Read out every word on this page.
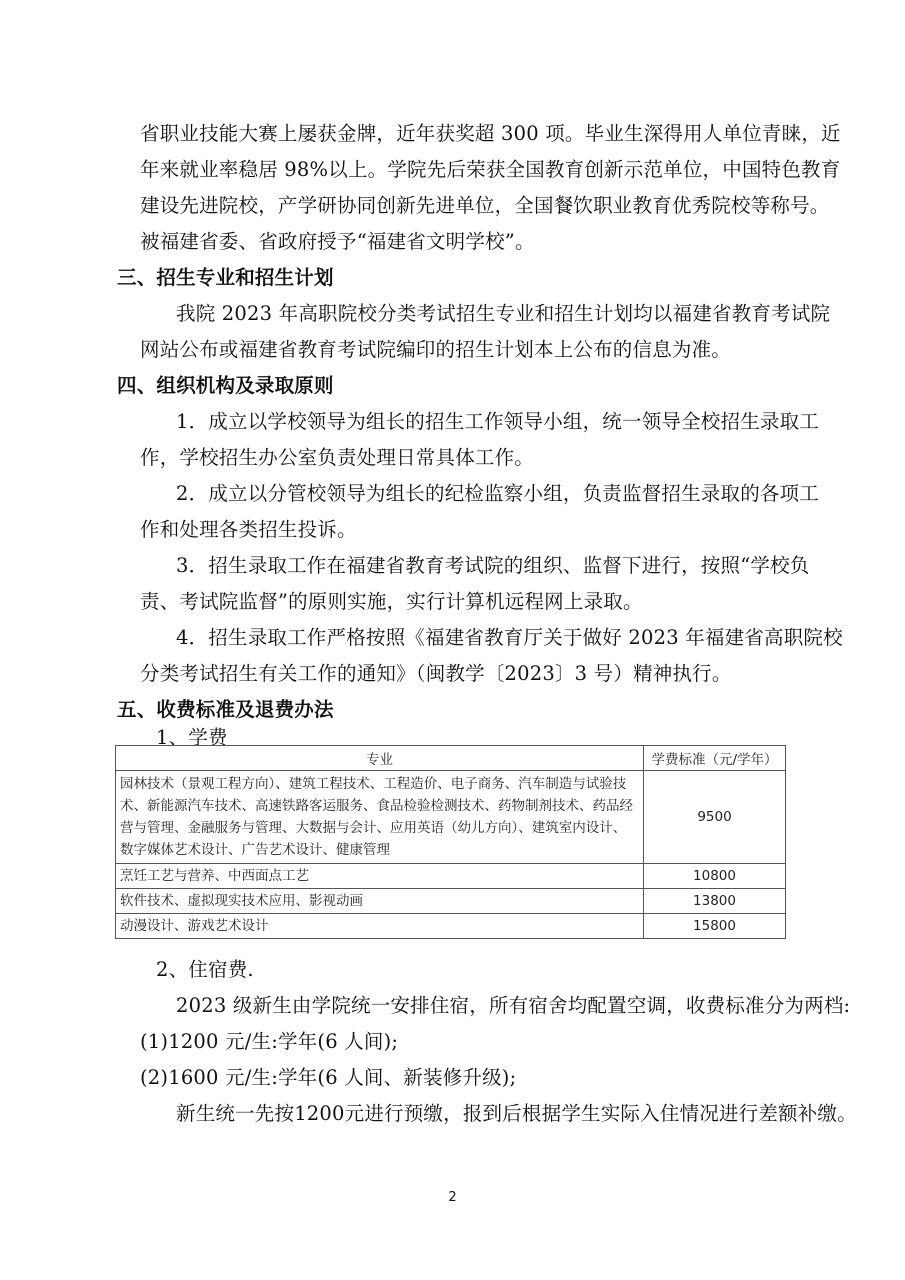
省职业技能大赛上屡获金牌，近年获奖超 300 项。毕业生深得用人单位青睐，近
年来就业率稳居 98%以上。学院先后荣获全国教育创新示范单位，中国特色教育
建设先进院校，产学研协同创新先进单位，全国餐饮职业教育优秀院校等称号。
被福建省委、省政府授予“福建省文明学校”。
三、招生专业和招生计划
我院 2023 年高职院校分类考试招生专业和招生计划均以福建省教育考试院
网站公布或福建省教育考试院编印的招生计划本上公布的信息为准。
四、组织机构及录取原则
1．成立以学校领导为组长的招生工作领导小组，统一领导全校招生录取工
作，学校招生办公室负责处理日常具体工作。
2．成立以分管校领导为组长的纪检监察小组，负责监督招生录取的各项工
作和处理各类招生投诉。
3．招生录取工作在福建省教育考试院的组织、监督下进行，按照“学校负
责、考试院监督”的原则实施，实行计算机远程网上录取。
4．招生录取工作严格按照《福建省教育厅关于做好 2023 年福建省高职院校
分类考试招生有关工作的通知》（闽教学〔2023〕3 号）精神执行。
五、收费标准及退费办法
1、学费
专业	学费标准（元/学年）

园林技术（景观工程方向）、建筑工程技术、工程造价、电子商务、汽车制造与试验技
术、新能源汽车技术、高速铁路客运服务、食品检验检测技术、药物制剂技术、药品经
营与管理、金融服务与管理、大数据与会计、应用英语（幼儿方向）、建筑室内设计、
数字媒体艺术设计、广告艺术设计、健康管理	9500
烹饪工艺与营养、中西面点工艺	10800
软件技术、虚拟现实技术应用、影视动画	13800
动漫设计、游戏艺术设计	15800
2、住宿费.
2023 级新生由学院统一安排住宿，所有宿舍均配置空调，收费标准分为两档:
(1)1200 元/生:学年(6 人间);
(2)1600 元/生:学年(6 人间、新装修升级);
新生统一先按1200元进行预缴，报到后根据学生实际入住情况进行差额补缴。
2
